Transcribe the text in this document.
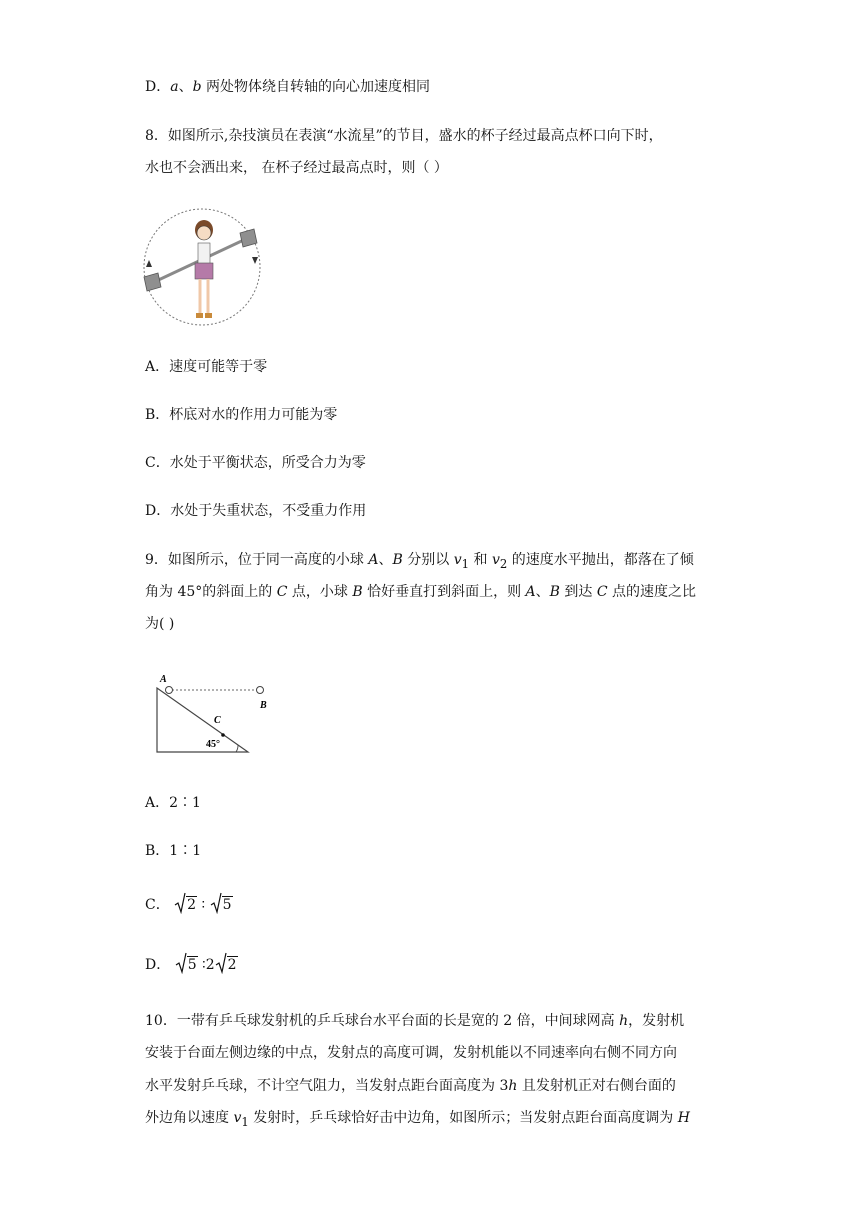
D．a、b 两处物体绕自转轴的向心加速度相同
8．如图所示,杂技演员在表演“水流星”的节目，盛水的杯子经过最高点杯口向下时，
水也不会洒出来， 在杯子经过最高点时，则（ ）
A．速度可能等于零
B．杯底对水的作用力可能为零
C．水处于平衡状态，所受合力为零
D．水处于失重状态，不受重力作用
9．如图所示，位于同一高度的小球 A、B 分别以 $v_1$ 和 $v_2$ 的速度水平抛出，都落在了倾
角为 45°的斜面上的 C 点，小球 B 恰好垂直打到斜面上，则 A、B 到达 C 点的速度之比
为( )
A
B
C
45°
A．2∶1
B．1∶1
C． 2 ∶ 5
D． 5 ∶2 2
10．一带有乒乓球发射机的乒乓球台水平台面的长是宽的 2 倍，中间球网高 h，发射机
安装于台面左侧边缘的中点，发射点的高度可调，发射机能以不同速率向右侧不同方向
水平发射乒乓球，不计空气阻力，当发射点距台面高度为 3h 且发射机正对右侧台面的
外边角以速度 $v_1$ 发射时，乒乓球恰好击中边角，如图所示；当发射点距台面高度调为 H
